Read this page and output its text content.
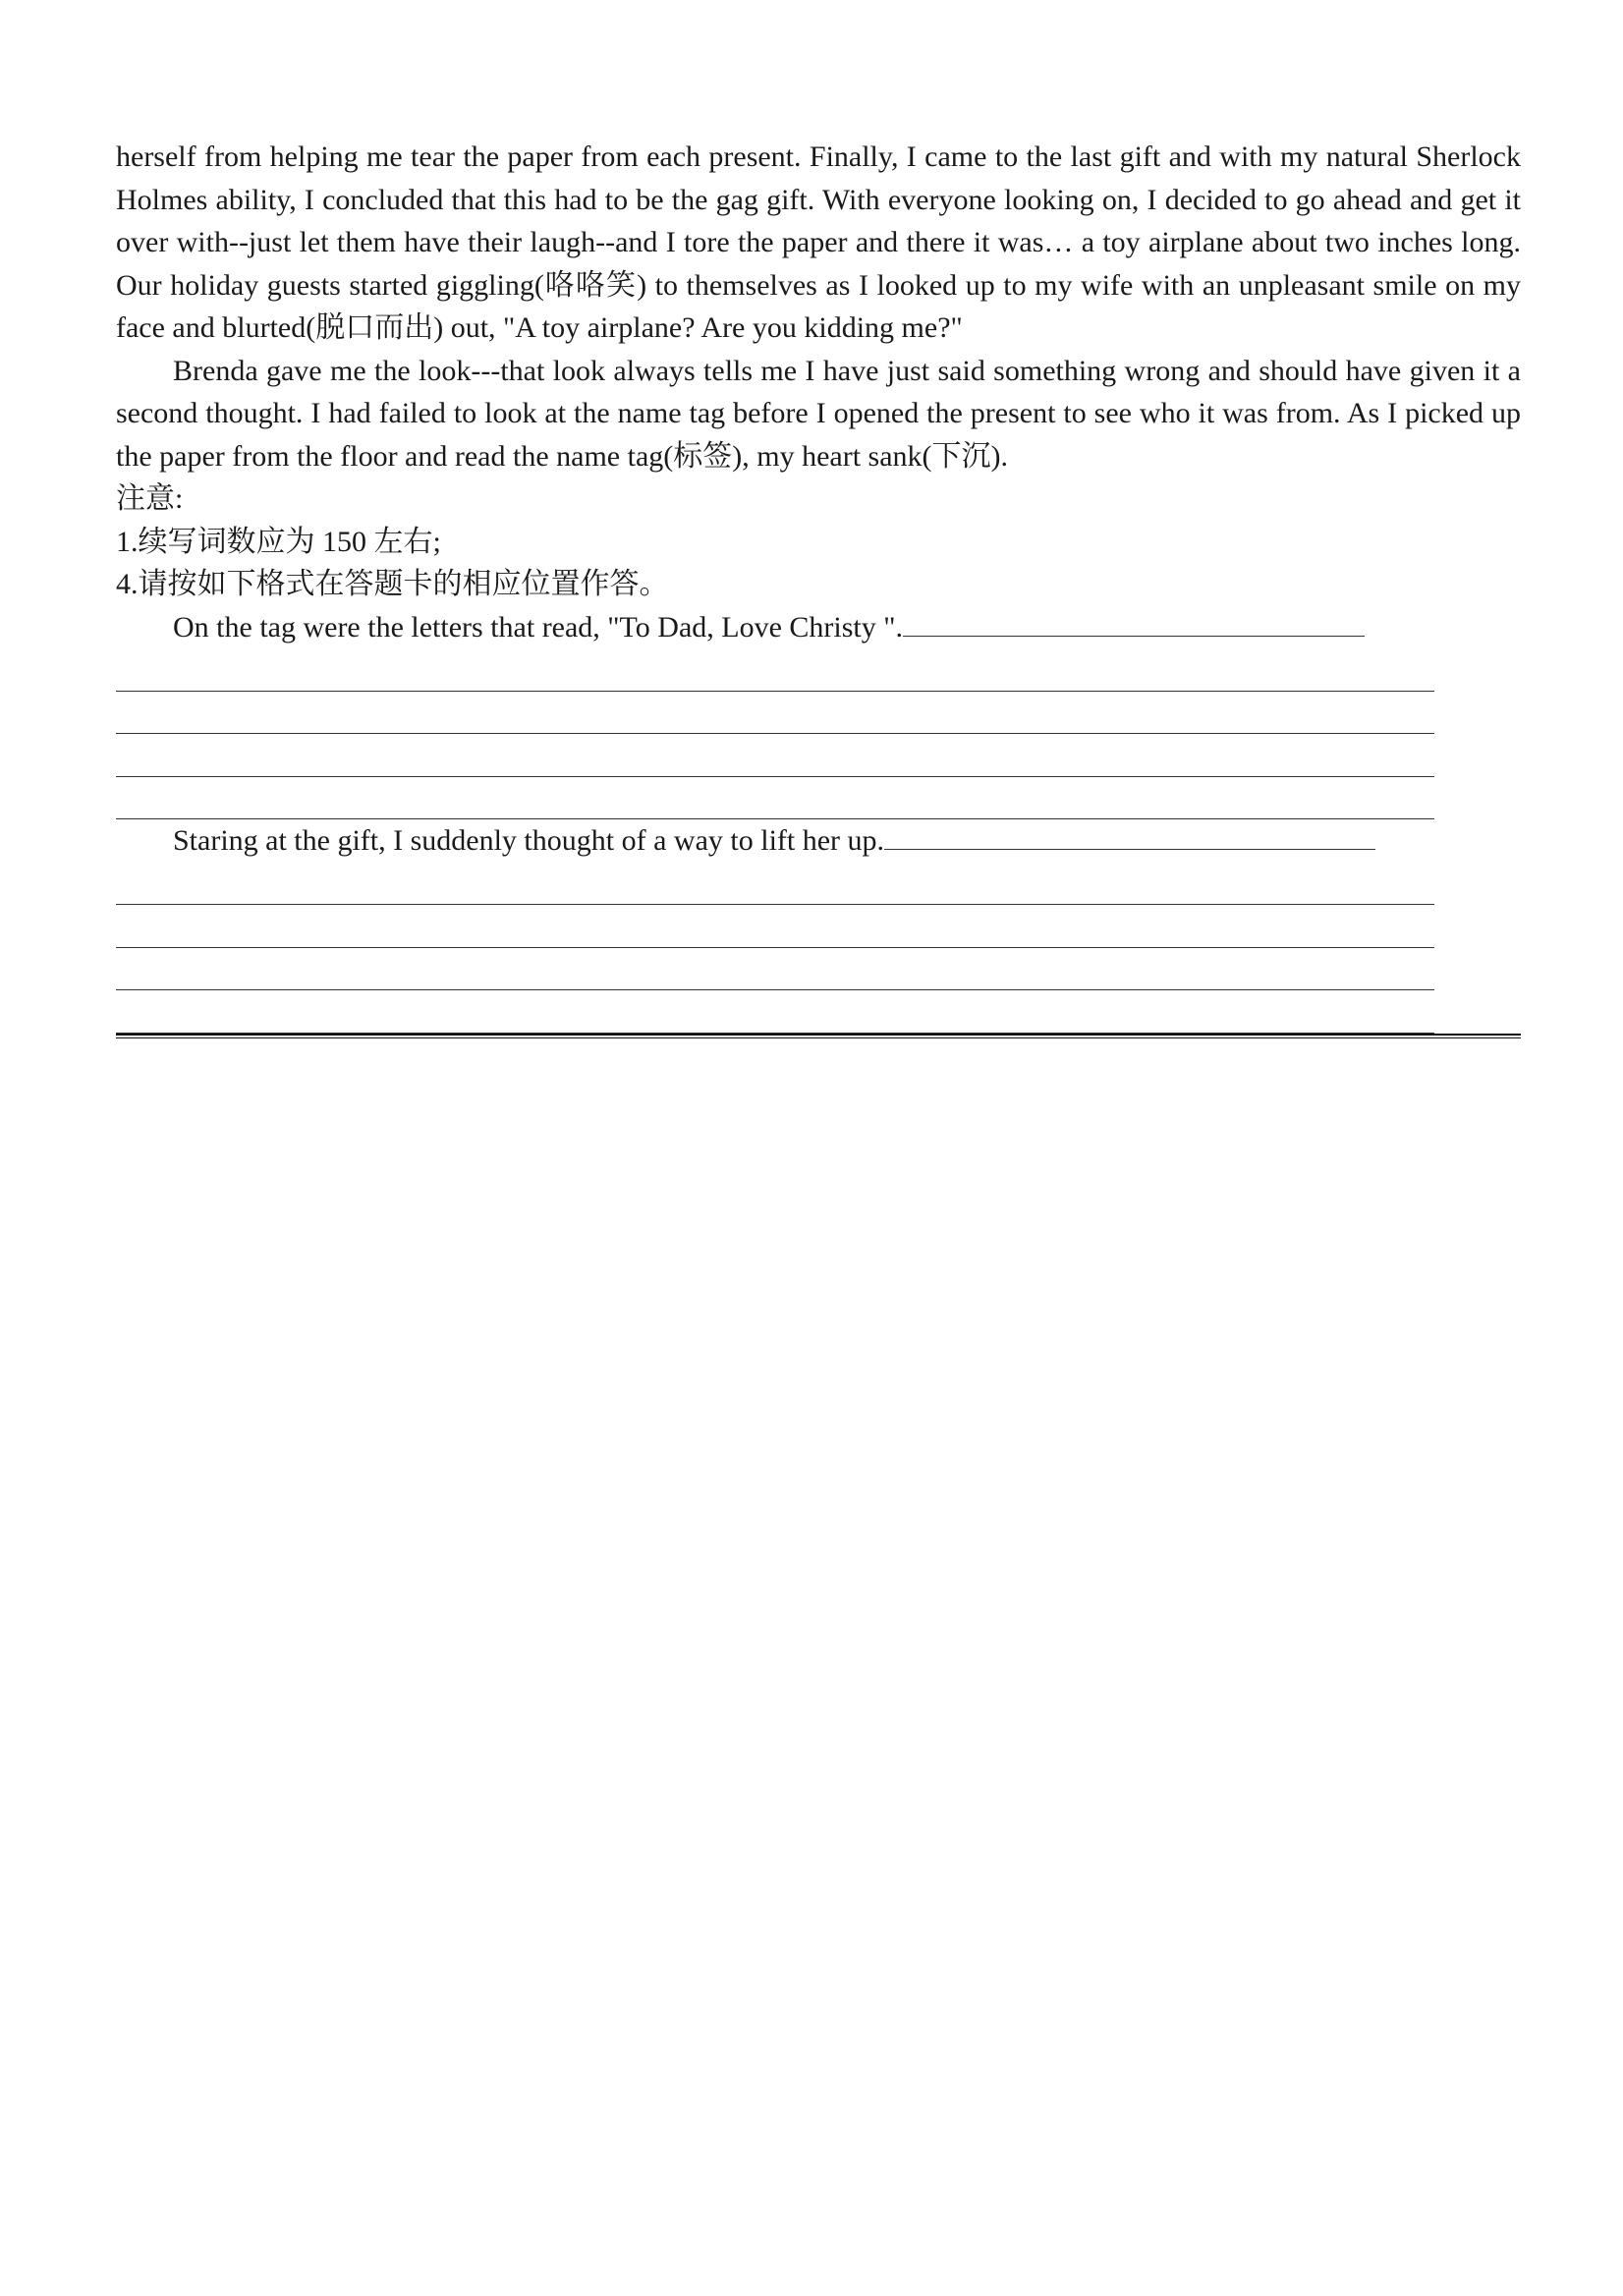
herself from helping me tear the paper from each present. Finally, I came to the last gift and with my natural Sherlock Holmes ability, I concluded that this had to be the gag gift. With everyone looking on, I decided to go ahead and get it over with--just let them have their laugh--and I tore the paper and there it was… a toy airplane about two inches long. Our holiday guests started giggling(咯咯笑) to themselves as I looked up to my wife with an unpleasant smile on my face and blurted(脱口而出) out, "A toy airplane? Are you kidding me?"

Brenda gave me the look---that look always tells me I have just said something wrong and should have given it a second thought. I had failed to look at the name tag before I opened the present to see who it was from. As I picked up the paper from the floor and read the name tag(标签), my heart sank(下沉).

注意:

1.续写词数应为 150 左右;

4.请按如下格式在答题卡的相应位置作答。

On the tag were the letters that read, "To Dad, Love Christy ".

Staring at the gift, I suddenly thought of a way to lift her up.
